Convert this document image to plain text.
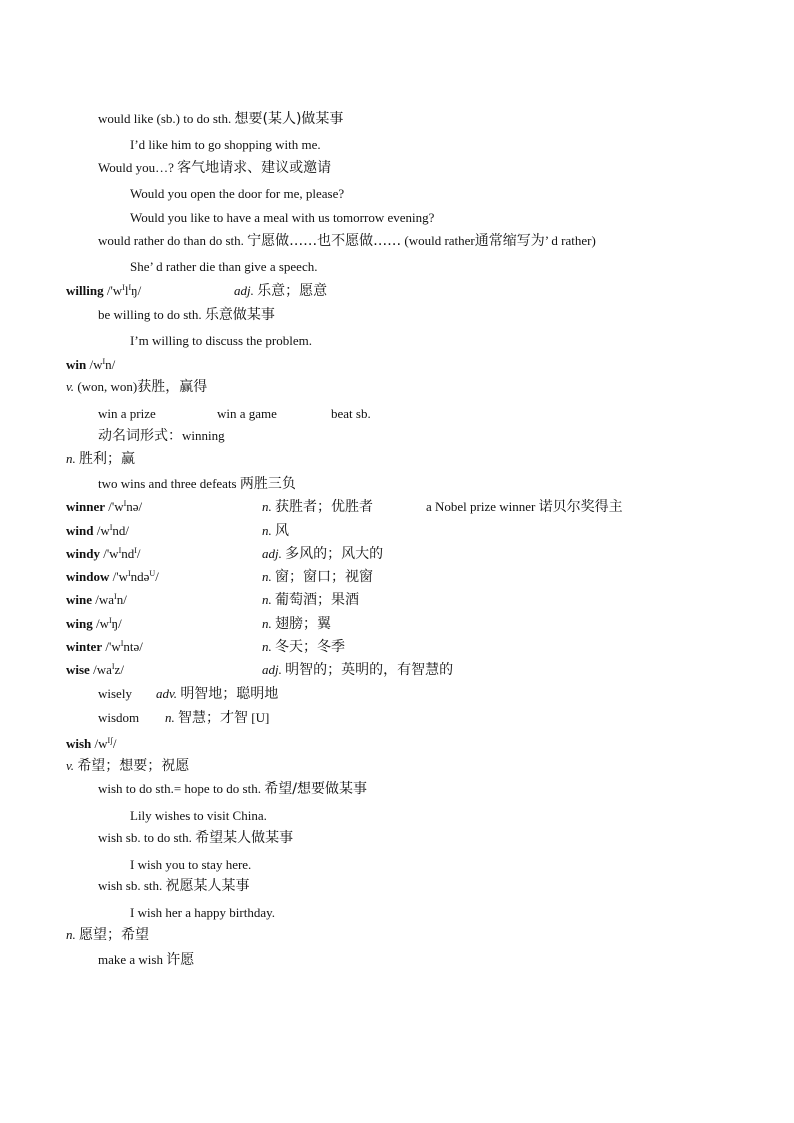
would like (sb.) to do sth. 想要(某人)做某事
I’d like him to go shopping with me.
Would you…? 客气地请求、建议或邀请
Would you open the door for me, please?
Would you like to have a meal with us tomorrow evening?
would rather do than do sth. 宁愿做……也不愿做…… (would rather通常缩写为’ d rather)
She’ d rather die than give a speech.
willing $/'w^Il^Iŋ/$	adj. 乐意；愿意
be willing to do sth. 乐意做某事
I’m willing to discuss the problem.
win $/w^In/$
v. (won, won)获胜，赢得
win a prize	win a game	beat sb.
动名词形式：winning
n. 胜利；赢
two wins and three defeats 两胜三负
winner $/'w^Inə/$	n. 获胜者；优胜者	a Nobel prize winner 诺贝尔奖得主
wind $/w^Ind/$	n. 风
windy $/'w^Ind^I/$	adj. 多风的；风大的
window $/'w^Ində^U/$	n. 窗；窗口；视窗
wine $/wa^In/$	n. 葡萄酒；果酒
wing $/w^Iŋ/$	n. 翅膀；翼
winter $/'w^Intə/$	n. 冬天；冬季
wise $/wa^Iz/$	adj. 明智的；英明的，有智慧的
wisely adv. 明智地；聪明地
wisdom n. 智慧；才智 [U]
wish $/w^{Iʃ}/$
v. 希望；想要；祝愿
wish to do sth.= hope to do sth. 希望/想要做某事
Lily wishes to visit China.
wish sb. to do sth. 希望某人做某事
I wish you to stay here.
wish sb. sth. 祝愿某人某事
I wish her a happy birthday.
n. 愿望；希望
make a wish 许愿
